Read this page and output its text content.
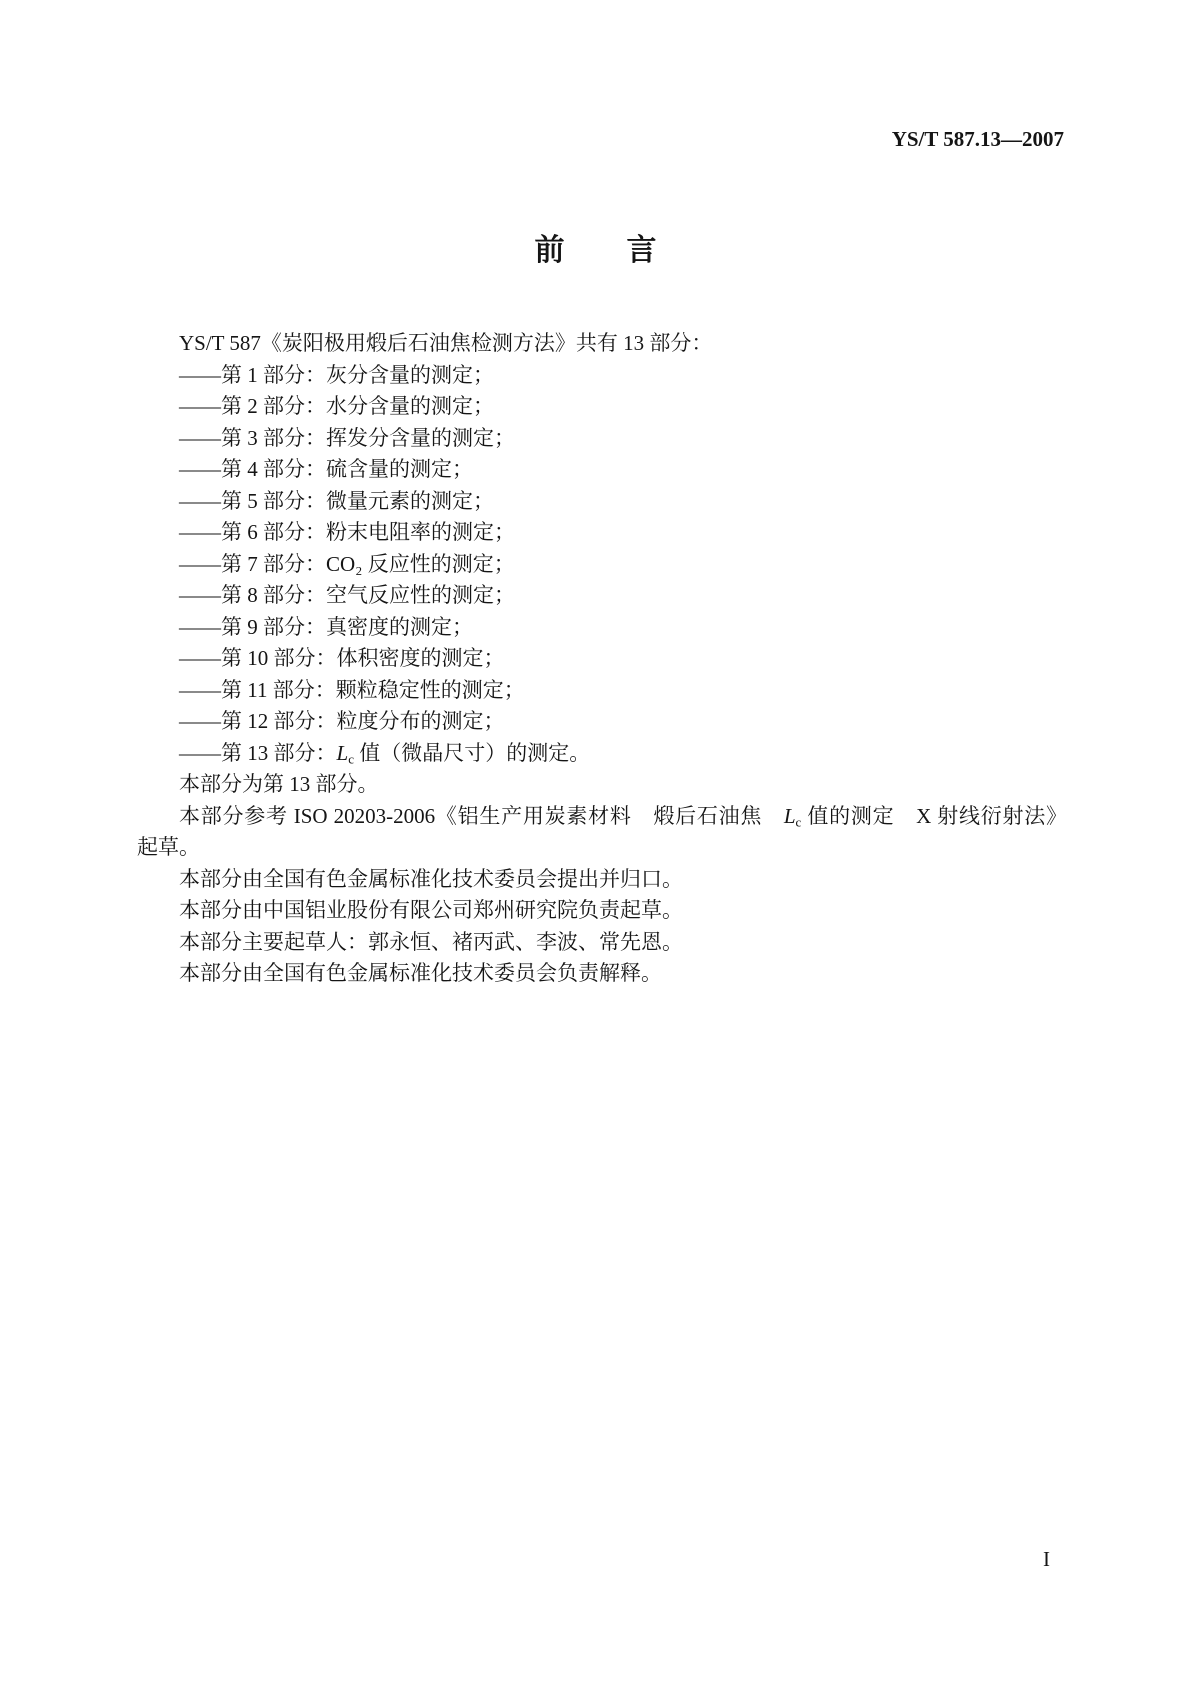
YS/T 587.13—2007
前 言

YS/T 587《炭阳极用煅后石油焦检测方法》共有 13 部分：

——第 1 部分：灰分含量的测定；

——第 2 部分：水分含量的测定；

——第 3 部分：挥发分含量的测定；

——第 4 部分：硫含量的测定；

——第 5 部分：微量元素的测定；

——第 6 部分：粉末电阻率的测定；

——第 7 部分：CO₂ 反应性的测定；

——第 8 部分：空气反应性的测定；

——第 9 部分：真密度的测定；

——第 10 部分：体积密度的测定；

——第 11 部分：颗粒稳定性的测定；

——第 12 部分：粒度分布的测定；

——第 13 部分：$L_c$ 值（微晶尺寸）的测定。

本部分为第 13 部分。

本部分参考 ISO 20203-2006《铝生产用炭素材料　煅后石油焦　$L_c$ 值的测定　X 射线衍射法》

起草。

本部分由全国有色金属标准化技术委员会提出并归口。

本部分由中国铝业股份有限公司郑州研究院负责起草。

本部分主要起草人：郭永恒、褚丙武、李波、常先恩。

本部分由全国有色金属标准化技术委员会负责解释。

I
